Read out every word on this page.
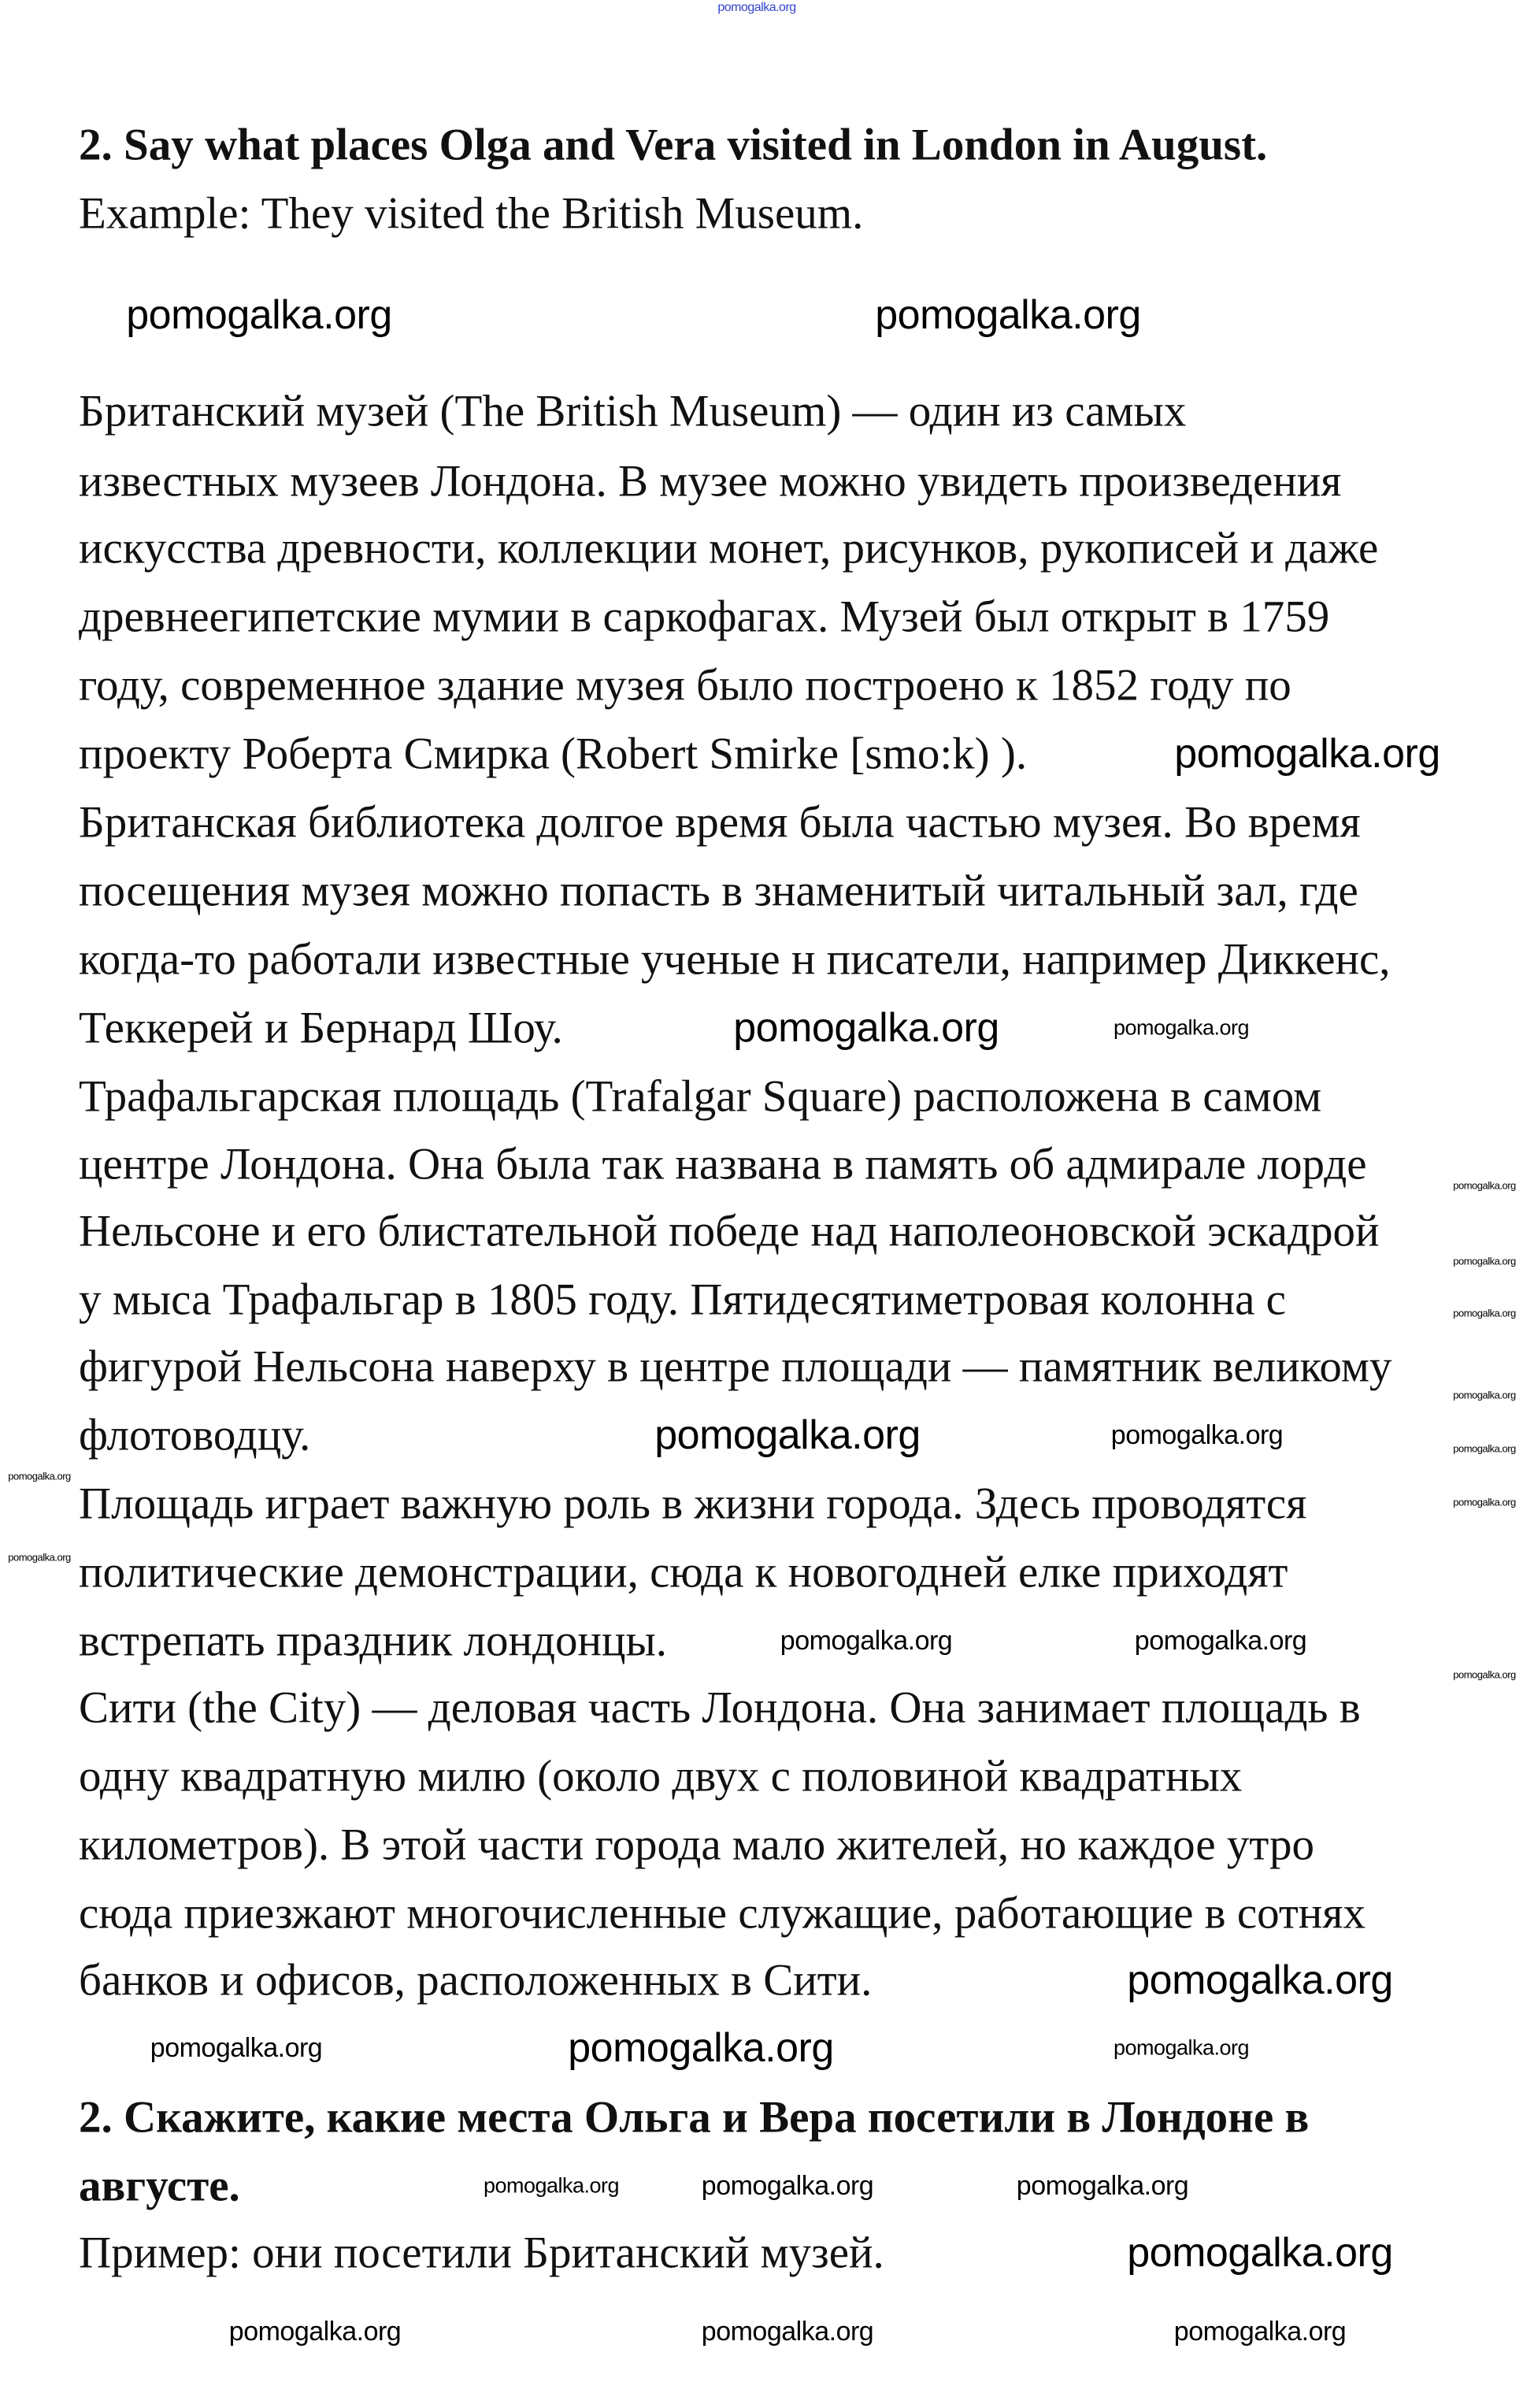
2. Say what places Olga and Vera visited in London in August.
Example: They visited the British Museum.
Британский музей (The British Museum) — один из самых
известных музеев Лондона. В музее можно увидеть произведения
искусства древности, коллекции монет, рисунков, рукописей и даже
древнеегипетские мумии в саркофагах. Музей был открыт в 1759
году, современное здание музея было построено к 1852 году по
проекту Роберта Смирка (Robert Smirke [smo:k) ).
Британская библиотека долгое время была частью музея. Во время
посещения музея можно попасть в знаменитый читальный зал, где
когда-то работали известные ученые н писатели, например Диккенс,
Теккерей и Бернард Шоу.
Трафальгарская площадь (Trafalgar Square) расположена в самом
центре Лондона. Она была так названа в память об адмирале лорде
Нельсоне и его блистательной победе над наполеоновской эскадрой
у мыса Трафальгар в 1805 году. Пятидесятиметровая колонна с
фигурой Нельсона наверху в центре площади — памятник великому
флотоводцу.
Площадь играет важную роль в жизни города. Здесь проводятся
политические демонстрации, сюда к новогодней елке приходят
встрепать праздник лондонцы.
Сити (the City) — деловая часть Лондона. Она занимает площадь в
одну квадратную милю (около двух с половиной квадратных
километров). В этой части города мало жителей, но каждое утро
сюда приезжают многочисленные служащие, работающие в сотнях
банков и офисов, расположенных в Сити.
2. Скажите, какие места Ольга и Вера посетили в Лондоне в
августе.
Пример: они посетили Британский музей.
pomogalka.org
pomogalka.org	pomogalka.org
pomogalka.org
pomogalka.org
pomogalka.org
pomogalka.org
pomogalka.org
pomogalka.org
pomogalka.org
pomogalka.org
pomogalka.org
pomogalka.org	pomogalka.org
pomogalka.org	pomogalka.org
pomogalka.org	pomogalka.org	pomogalka.org
pomogalka.org	pomogalka.org
pomogalka.org
pomogalka.org
pomogalka.org
pomogalka.org
pomogalka.org
pomogalka.org
pomogalka.org
pomogalka.org
pomogalka.org
